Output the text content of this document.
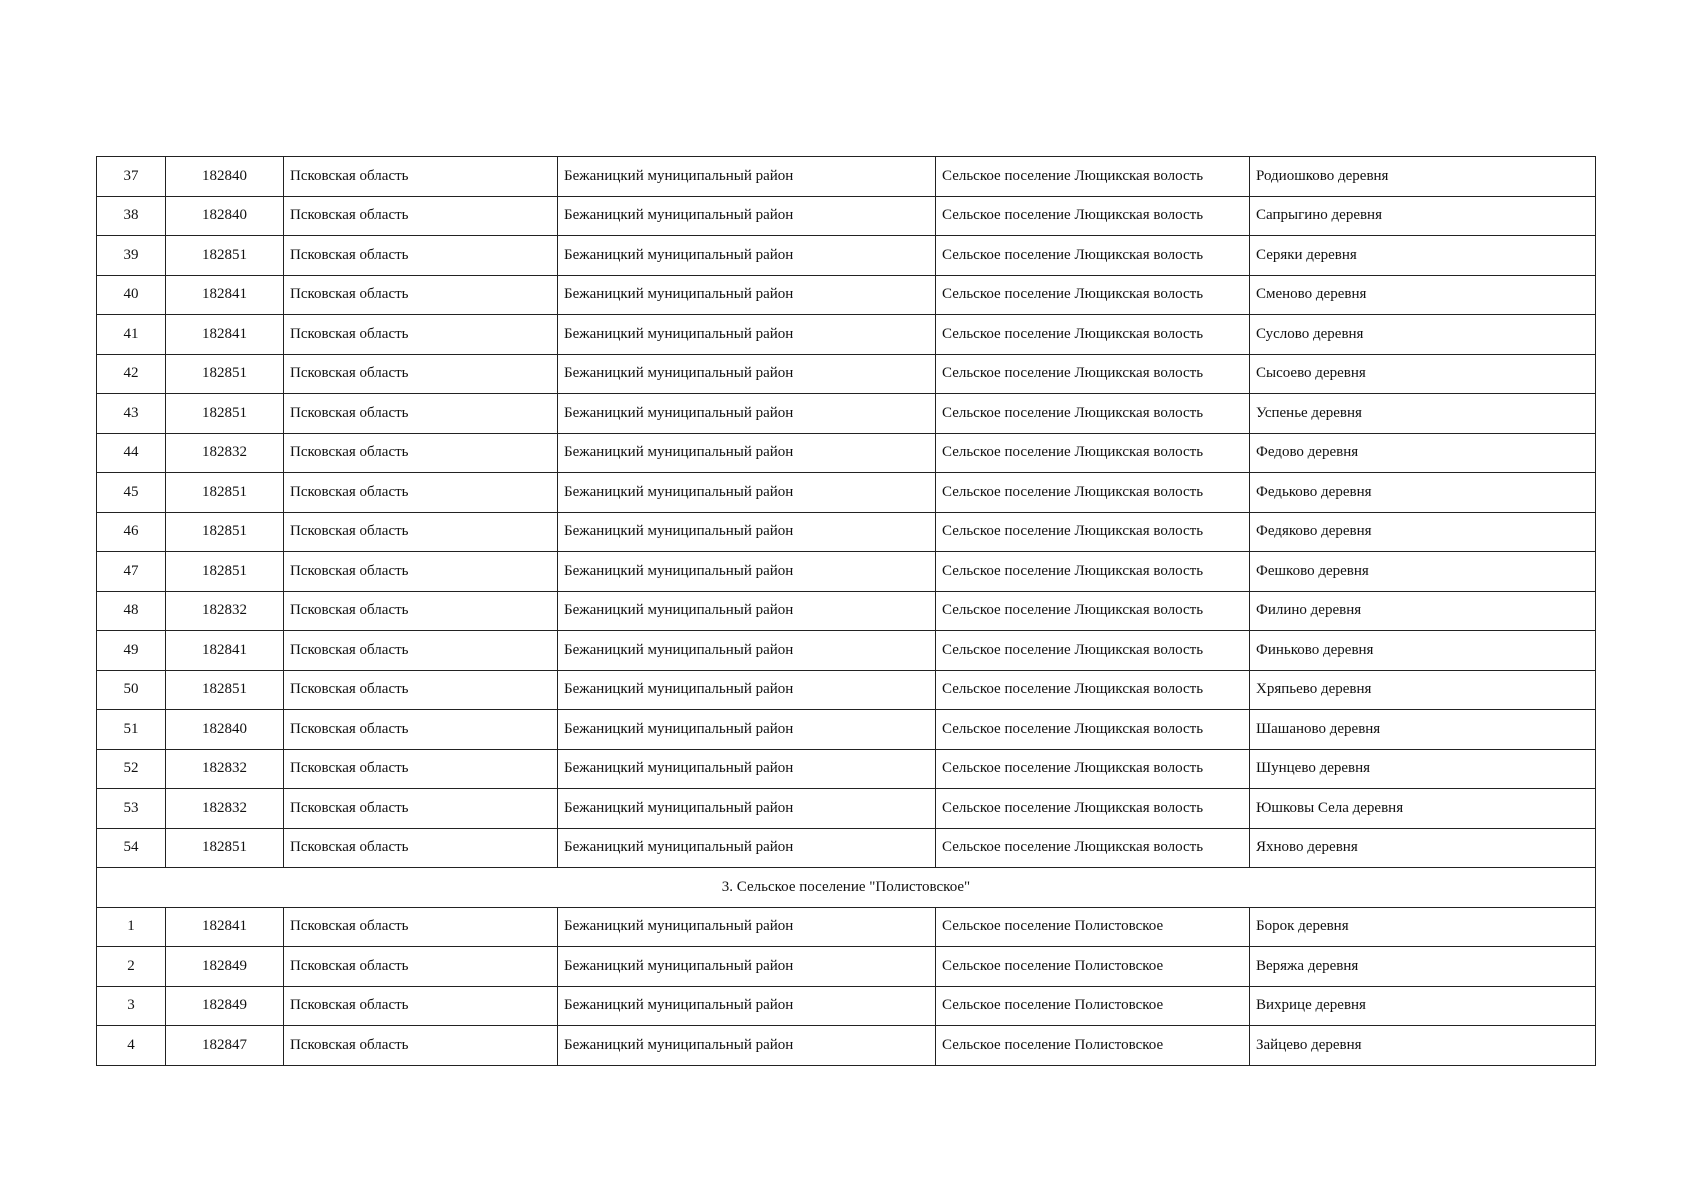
37	182840	Псковская область	Бежаницкий муниципальный район	Сельское поселение Лющикская волость	Родиошково деревня
38	182840	Псковская область	Бежаницкий муниципальный район	Сельское поселение Лющикская волость	Сапрыгино деревня
39	182851	Псковская область	Бежаницкий муниципальный район	Сельское поселение Лющикская волость	Серяки деревня
40	182841	Псковская область	Бежаницкий муниципальный район	Сельское поселение Лющикская волость	Сменово деревня
41	182841	Псковская область	Бежаницкий муниципальный район	Сельское поселение Лющикская волость	Суслово деревня
42	182851	Псковская область	Бежаницкий муниципальный район	Сельское поселение Лющикская волость	Сысоево деревня
43	182851	Псковская область	Бежаницкий муниципальный район	Сельское поселение Лющикская волость	Успенье деревня
44	182832	Псковская область	Бежаницкий муниципальный район	Сельское поселение Лющикская волость	Федово деревня
45	182851	Псковская область	Бежаницкий муниципальный район	Сельское поселение Лющикская волость	Федьково деревня
46	182851	Псковская область	Бежаницкий муниципальный район	Сельское поселение Лющикская волость	Федяково деревня
47	182851	Псковская область	Бежаницкий муниципальный район	Сельское поселение Лющикская волость	Фешково деревня
48	182832	Псковская область	Бежаницкий муниципальный район	Сельское поселение Лющикская волость	Филино деревня
49	182841	Псковская область	Бежаницкий муниципальный район	Сельское поселение Лющикская волость	Финьково деревня
50	182851	Псковская область	Бежаницкий муниципальный район	Сельское поселение Лющикская волость	Хряпьево деревня
51	182840	Псковская область	Бежаницкий муниципальный район	Сельское поселение Лющикская волость	Шашаново деревня
52	182832	Псковская область	Бежаницкий муниципальный район	Сельское поселение Лющикская волость	Шунцево деревня
53	182832	Псковская область	Бежаницкий муниципальный район	Сельское поселение Лющикская волость	Юшковы Села деревня
54	182851	Псковская область	Бежаницкий муниципальный район	Сельское поселение Лющикская волость	Яхново деревня
3. Сельское поселение "Полистовское"					
1	182841	Псковская область	Бежаницкий муниципальный район	Сельское поселение Полистовское	Борок деревня
2	182849	Псковская область	Бежаницкий муниципальный район	Сельское поселение Полистовское	Веряжа деревня
3	182849	Псковская область	Бежаницкий муниципальный район	Сельское поселение Полистовское	Вихрице деревня
4	182847	Псковская область	Бежаницкий муниципальный район	Сельское поселение Полистовское	Зайцево деревня
